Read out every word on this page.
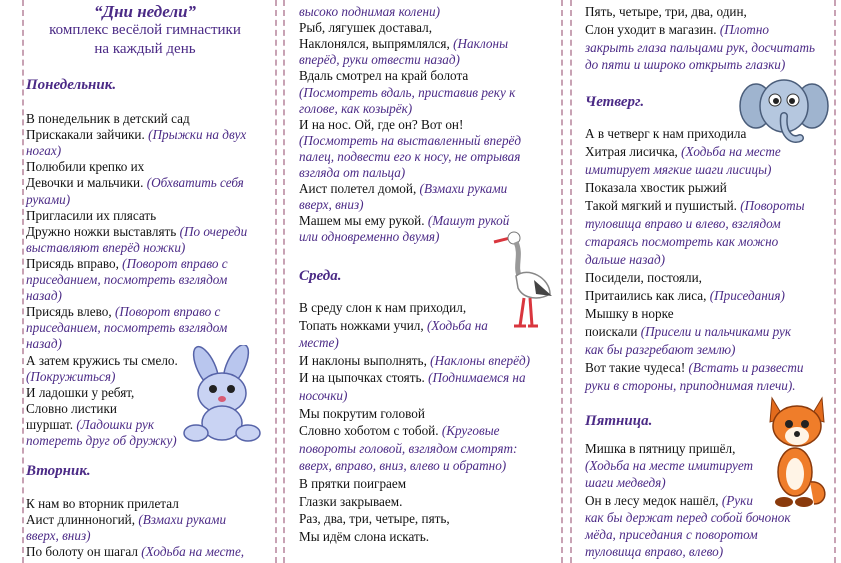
“Дни недели”
комплекс весёлой гимнастики
на каждый день
Понедельник.
В понедельник в детский сад
Прискакали зайчики. (Прыжки на двух
ногах)
Полюбили крепко их
Девочки и мальчики. (Обхватить себя
руками)
Пригласили их плясать
Дружно ножки выставлять (По очереди
выставляют вперёд ножки)
Присядь вправо, (Поворот вправо с
приседанием, посмотреть взглядом
назад)
Присядь влево, (Поворот вправо с
приседанием, посмотреть взглядом
назад)
А затем кружись ты смело.
(Покружиться)
И ладошки у ребят,
Словно листики
шуршат. (Ладошки рук
потереть друг об дружку)
Вторник.
К нам во вторник прилетал
Аист длинноногий, (Взмахи руками
вверх, вниз)
По болоту он шагал (Ходьба на месте,
высоко поднимая колени)
Рыб, лягушек доставал,
Наклонялся, выпрямлялся, (Наклоны
вперёд, руки отвести назад)
Вдаль смотрел на край болота
(Посмотреть вдаль, приставив реку к
голове, как козырёк)
И на нос. Ой, где он? Вот он!
(Посмотреть на выставленный вперёд
палец, подвести его к носу, не отрывая
взгляда от пальца)
Аист полетел домой, (Взмахи руками
вверх, вниз)
Машем мы ему рукой. (Машут рукой
или одновременно двумя)
Среда.
В среду слон к нам приходил,
Топать ножками учил, (Ходьба на
месте)
И наклоны выполнять, (Наклоны вперёд)
И на цыпочках стоять. (Поднимаемся на
носочки)
Мы покрутим головой
Словно хоботом с тобой. (Круговые
повороты головой, взглядом смотрят:
вверх, вправо, вниз, влево и обратно)
В прятки поиграем
Глазки закрываем.
Раз, два, три, четыре, пять,
Мы идём слона искать.
Пять, четыре, три, два, один,
Слон уходит в магазин. (Плотно
закрыть глаза пальцами рук, досчитать
до пяти и широко открыть глазки)
Четверг.
А в четверг к нам приходила
Хитрая лисичка, (Ходьба на месте
имитирует мягкие шаги лисицы)
Показала хвостик рыжий
Такой мягкий и пушистый. (Повороты
туловища вправо и влево, взглядом
стараясь посмотреть как можно
дальше назад)
Посидели, постояли,
Притаились как лиса, (Приседания)
Мышку в норке
поискали (Присели и пальчиками рук
как бы разгребают землю)
Вот такие чудеса! (Встать и развести
руки в стороны, приподнимая плечи).
Пятница.
Мишка в пятницу пришёл,
(Ходьба на месте имитирует
шаги медведя)
Он в лесу медок нашёл, (Руки
как бы держат перед собой бочонок
мёда, приседания с поворотом
туловища вправо, влево)
